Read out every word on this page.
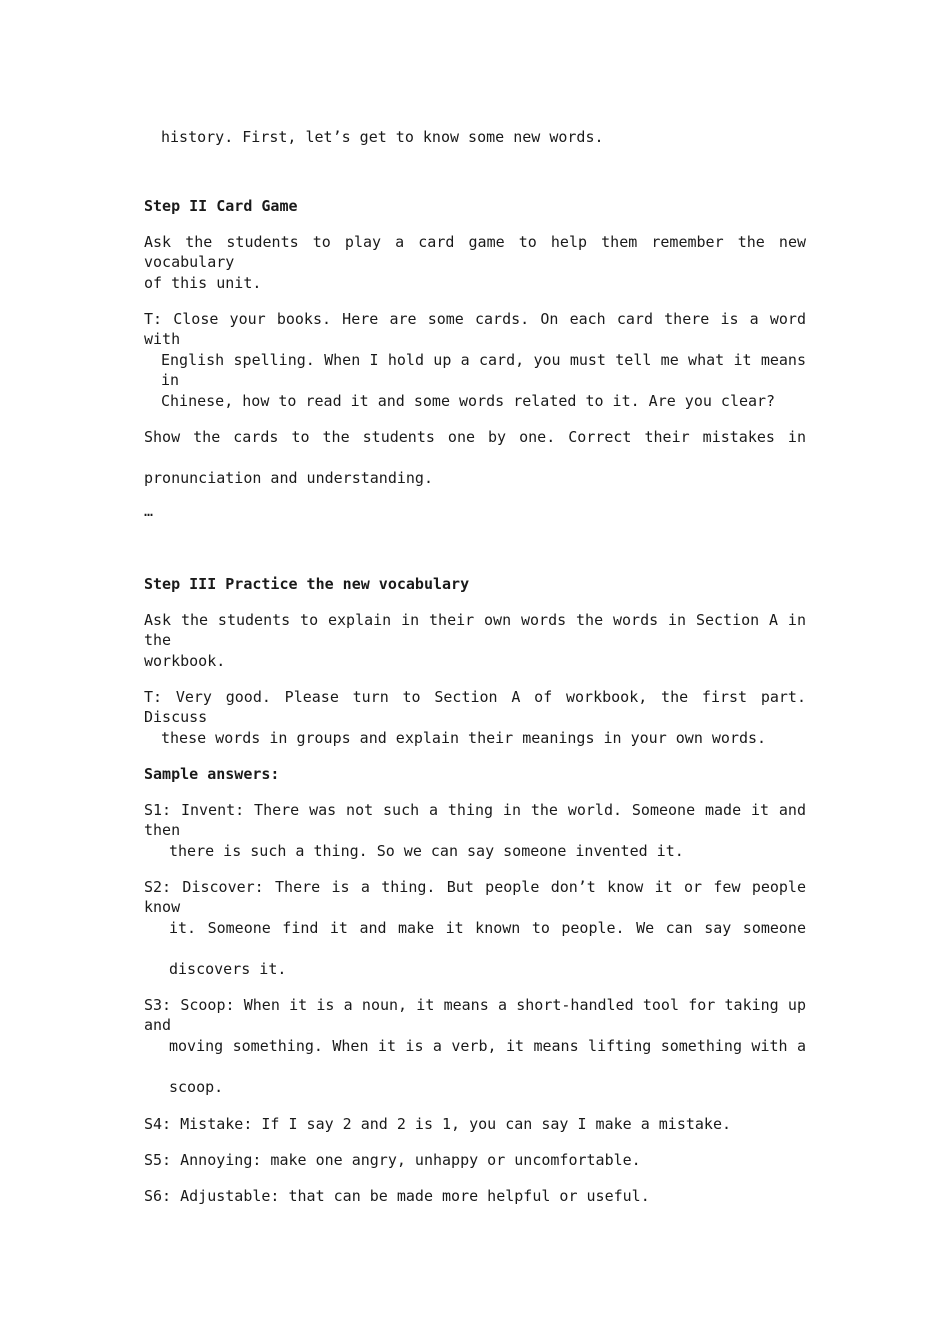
history. First, let’s get to know some new words.
Step II Card Game
Ask the students to play a card game to help them remember the new vocabulary
of this unit.
T: Close your books. Here are some cards. On each card there is a word with
English spelling. When I hold up a card, you must tell me what it means in
Chinese, how to read it and some words related to it. Are you clear?
Show the cards to the students one by one. Correct their mistakes in
pronunciation and understanding.
…
Step III Practice the new vocabulary
Ask the students to explain in their own words the words in Section A in the
workbook.
T: Very good. Please turn to Section A of workbook, the first part. Discuss
these words in groups and explain their meanings in your own words.
Sample answers:
S1: Invent: There was not such a thing in the world. Someone made it and then
there is such a thing. So we can say someone invented it.
S2: Discover: There is a thing. But people don’t know it or few people know
it. Someone find it and make it known to people. We can say someone
discovers it.
S3: Scoop: When it is a noun, it means a short-handled tool for taking up and
moving something. When it is a verb, it means lifting something with a
scoop.
S4: Mistake: If I say 2 and 2 is 1, you can say I make a mistake.
S5: Annoying: make one angry, unhappy or uncomfortable.
S6: Adjustable: that can be made more helpful or useful.
